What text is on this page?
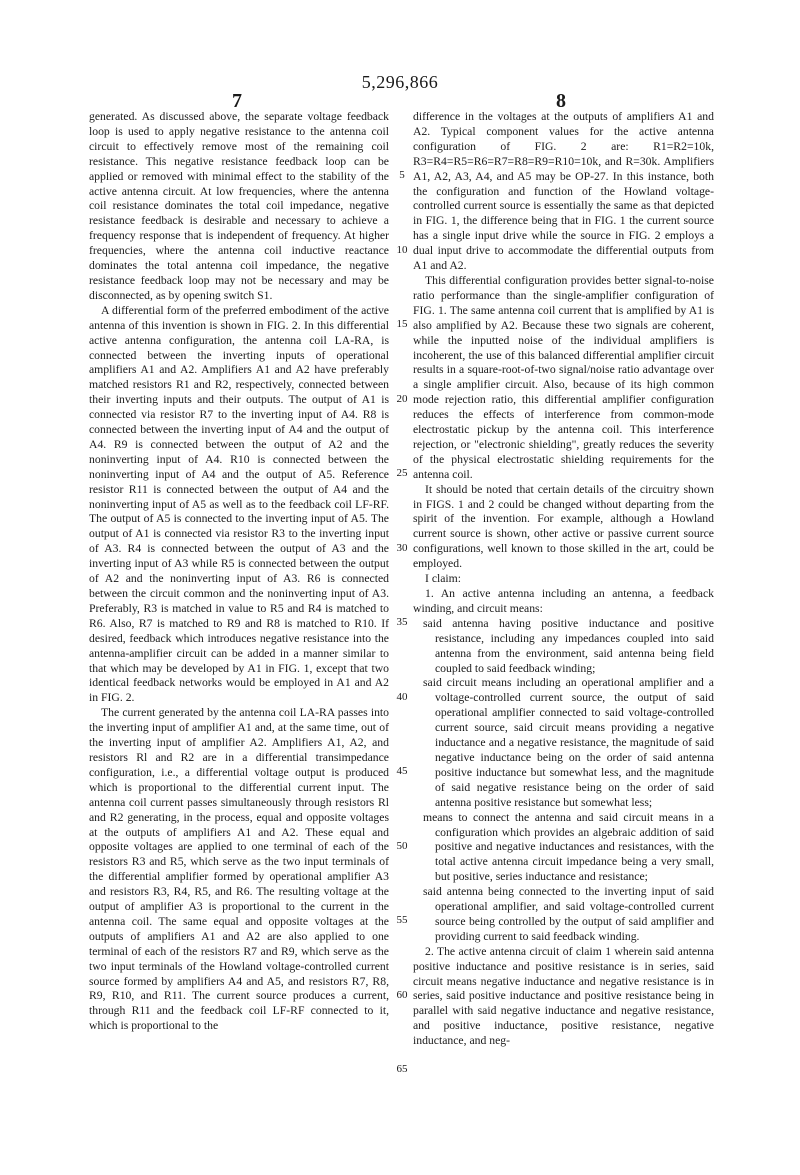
5,296,866
7	8

generated. As discussed above, the separate voltage feedback loop is used to apply negative resistance to the antenna coil circuit to effectively remove most of the remaining coil resistance. This negative resistance feedback loop can be applied or removed with minimal effect to the stability of the active antenna circuit. At low frequencies, where the antenna coil resistance dominates the total coil impedance, negative resistance feedback is desirable and necessary to achieve a frequency response that is independent of frequency. At higher frequencies, where the antenna coil inductive reactance dominates the total antenna coil impedance, the negative resistance feedback loop may not be necessary and may be disconnected, as by opening switch S1.

A differential form of the preferred embodiment of the active antenna of this invention is shown in FIG. 2. In this differential active antenna configuration, the antenna coil LA-RA, is connected between the inverting inputs of operational amplifiers A1 and A2. Amplifiers A1 and A2 have preferably matched resistors R1 and R2, respectively, connected between their inverting inputs and their outputs. The output of A1 is connected via resistor R7 to the inverting input of A4. R8 is connected between the inverting input of A4 and the output of A4. R9 is connected between the output of A2 and the noninverting input of A4. R10 is connected between the noninverting input of A4 and the output of A5. Reference resistor R11 is connected between the output of A4 and the noninverting input of A5 as well as to the feedback coil LF-RF. The output of A5 is connected to the inverting input of A5. The output of A1 is connected via resistor R3 to the inverting input of A3. R4 is connected between the output of A3 and the inverting input of A3 while R5 is connected between the output of A2 and the noninverting input of A3. R6 is connected between the circuit common and the noninverting input of A3. Preferably, R3 is matched in value to R5 and R4 is matched to R6. Also, R7 is matched to R9 and R8 is matched to R10. If desired, feedback which introduces negative resistance into the antenna-amplifier circuit can be added in a manner similar to that which may be developed by A1 in FIG. 1, except that two identical feedback networks would be employed in A1 and A2 in FIG. 2.

The current generated by the antenna coil LA-RA passes into the inverting input of amplifier A1 and, at the same time, out of the inverting input of amplifier A2. Amplifiers A1, A2, and resistors Rl and R2 are in a differential transimpedance configuration, i.e., a differential voltage output is produced which is proportional to the differential current input. The antenna coil current passes simultaneously through resistors Rl and R2 generating, in the process, equal and opposite voltages at the outputs of amplifiers A1 and A2. These equal and opposite voltages are applied to one terminal of each of the resistors R3 and R5, which serve as the two input terminals of the differential amplifier formed by operational amplifier A3 and resistors R3, R4, R5, and R6. The resulting voltage at the output of amplifier A3 is proportional to the current in the antenna coil. The same equal and opposite voltages at the outputs of amplifiers A1 and A2 are also applied to one terminal of each of the resistors R7 and R9, which serve as the two input terminals of the Howland voltage-controlled current source formed by amplifiers A4 and A5, and resistors R7, R8, R9, R10, and R11. The current source produces a current, through R11 and the feedback coil LF-RF connected to it, which is proportional to the

5
10
15
20
25
30
35
40
45
50
55
60
65

difference in the voltages at the outputs of amplifiers A1 and A2. Typical component values for the active antenna configuration of FIG. 2 are: R1=R2=10k, R3=R4=R5=R6=R7=R8=R9=R10=10k, and R=30k. Amplifiers A1, A2, A3, A4, and A5 may be OP-27. In this instance, both the configuration and function of the Howland voltage-controlled current source is essentially the same as that depicted in FIG. 1, the difference being that in FIG. 1 the current source has a single input drive while the source in FIG. 2 employs a dual input drive to accommodate the differential outputs from A1 and A2.

This differential configuration provides better signal-to-noise ratio performance than the single-amplifier configuration of FIG. 1. The same antenna coil current that is amplified by A1 is also amplified by A2. Because these two signals are coherent, while the inputted noise of the individual amplifiers is incoherent, the use of this balanced differential amplifier circuit results in a square-root-of-two signal/noise ratio advantage over a single amplifier circuit. Also, because of its high common mode rejection ratio, this differential amplifier configuration reduces the effects of interference from common-mode electrostatic pickup by the antenna coil. This interference rejection, or "electronic shielding", greatly reduces the severity of the physical electrostatic shielding requirements for the antenna coil.

It should be noted that certain details of the circuitry shown in FIGS. 1 and 2 could be changed without departing from the spirit of the invention. For example, although a Howland current source is shown, other active or passive current source configurations, well known to those skilled in the art, could be employed.

I claim:

1. An active antenna including an antenna, a feedback winding, and circuit means:

said antenna having positive inductance and positive resistance, including any impedances coupled into said antenna from the environment, said antenna being field coupled to said feedback winding;

said circuit means including an operational amplifier and a voltage-controlled current source, the output of said operational amplifier connected to said voltage-controlled current source, said circuit means providing a negative inductance and a negative resistance, the magnitude of said negative inductance being on the order of said antenna positive inductance but somewhat less, and the magnitude of said negative resistance being on the order of said antenna positive resistance but somewhat less;

means to connect the antenna and said circuit means in a configuration which provides an algebraic addition of said positive and negative inductances and resistances, with the total active antenna circuit impedance being a very small, but positive, series inductance and resistance;

said antenna being connected to the inverting input of said operational amplifier, and said voltage-controlled current source being controlled by the output of said amplifier and providing current to said feedback winding.

2. The active antenna circuit of claim 1 wherein said antenna positive inductance and positive resistance is in series, said circuit means negative inductance and negative resistance is in series, said positive inductance and positive resistance being in parallel with said negative inductance and negative resistance, and positive inductance, positive resistance, negative inductance, and neg-
